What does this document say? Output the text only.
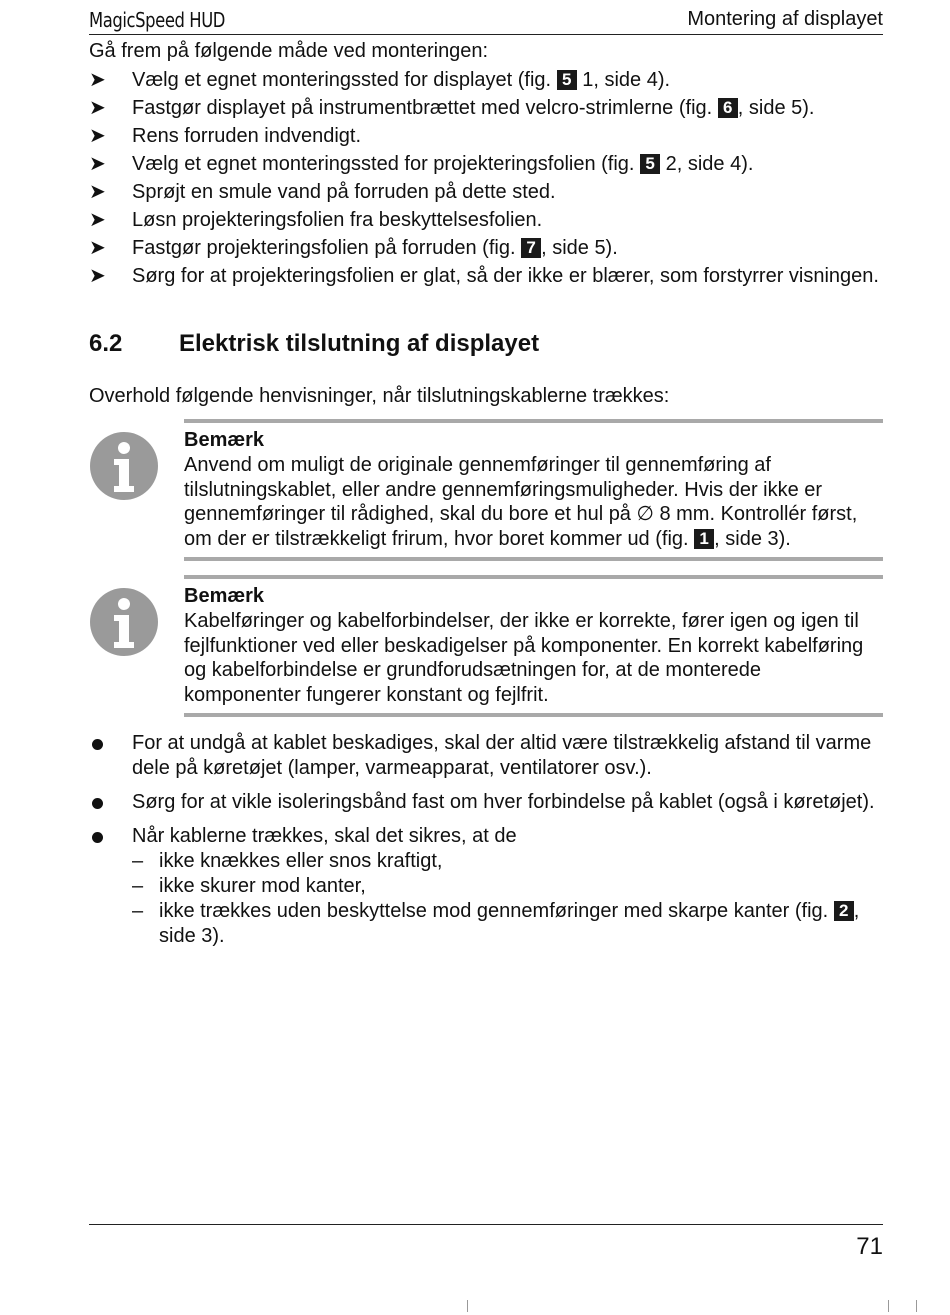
MagicSpeed HUD	Montering af displayet
Gå frem på følgende måde ved monteringen:
➤ Vælg et egnet monteringssted for displayet (fig. 5 1, side 4).
➤ Fastgør displayet på instrumentbrættet med velcro-strimlerne (fig. 6 , side 5).
➤ Rens forruden indvendigt.
➤ Vælg et egnet monteringssted for projekteringsfolien (fig. 5 2, side 4).
➤ Sprøjt en smule vand på forruden på dette sted.
➤ Løsn projekteringsfolien fra beskyttelsesfolien.
➤ Fastgør projekteringsfolien på forruden (fig. 7 , side 5).
➤ Sørg for at projekteringsfolien er glat, så der ikke er blærer, som forstyrrer visningen.
6.2 Elektrisk tilslutning af displayet
Overhold følgende henvisninger, når tilslutningskablerne trækkes:
Bemærk
Anvend om muligt de originale gennemføringer til gennemføring af tilslutningskablet, eller andre gennemføringsmuligheder. Hvis der ikke er gennemføringer til rådighed, skal du bore et hul på ∅ 8 mm. Kontrollér først, om der er tilstrækkeligt frirum, hvor boret kommer ud (fig. 1 , side 3).
Bemærk
Kabelføringer og kabelforbindelser, der ikke er korrekte, fører igen og igen til fejlfunktioner ved eller beskadigelser på komponenter. En korrekt kabelføring og kabelforbindelse er grundforudsætningen for, at de monterede komponenter fungerer konstant og fejlfrit.
For at undgå at kablet beskadiges, skal der altid være tilstrækkelig afstand til varme dele på køretøjet (lamper, varmeapparat, ventilatorer osv.).
Sørg for at vikle isoleringsbånd fast om hver forbindelse på kablet (også i køretøjet).
Når kablerne trækkes, skal det sikres, at de
– ikke knækkes eller snos kraftigt,
– ikke skurer mod kanter,
– ikke trækkes uden beskyttelse mod gennemføringer med skarpe kanter (fig. 2 , side 3).
71
